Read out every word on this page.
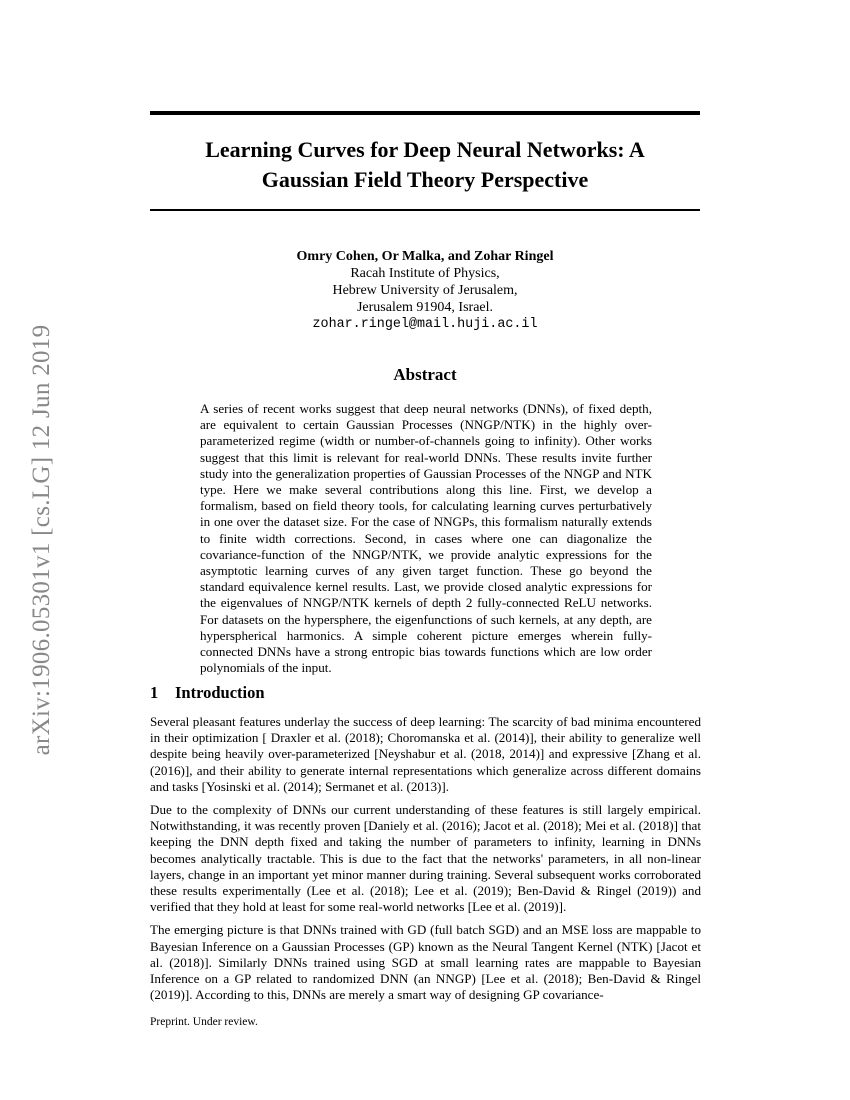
arXiv:1906.05301v1 [cs.LG] 12 Jun 2019
Learning Curves for Deep Neural Networks: A
Gaussian Field Theory Perspective
Omry Cohen, Or Malka, and Zohar Ringel
Racah Institute of Physics,
Hebrew University of Jerusalem,
Jerusalem 91904, Israel.
zohar.ringel@mail.huji.ac.il
Abstract

A series of recent works suggest that deep neural networks (DNNs), of fixed depth, are equivalent to certain Gaussian Processes (NNGP/NTK) in the highly over-parameterized regime (width or number-of-channels going to infinity). Other works suggest that this limit is relevant for real-world DNNs. These results invite further study into the generalization properties of Gaussian Processes of the NNGP and NTK type. Here we make several contributions along this line. First, we develop a formalism, based on field theory tools, for calculating learning curves perturbatively in one over the dataset size. For the case of NNGPs, this formalism naturally extends to finite width corrections. Second, in cases where one can diagonalize the covariance-function of the NNGP/NTK, we provide analytic expressions for the asymptotic learning curves of any given target function. These go beyond the standard equivalence kernel results. Last, we provide closed analytic expressions for the eigenvalues of NNGP/NTK kernels of depth 2 fully-connected ReLU networks. For datasets on the hypersphere, the eigenfunctions of such kernels, at any depth, are hyperspherical harmonics. A simple coherent picture emerges wherein fully-connected DNNs have a strong entropic bias towards functions which are low order polynomials of the input.

1 Introduction

Several pleasant features underlay the success of deep learning: The scarcity of bad minima encountered in their optimization [ Draxler et al. (2018); Choromanska et al. (2014)], their ability to generalize well despite being heavily over-parameterized [Neyshabur et al. (2018, 2014)] and expressive [Zhang et al. (2016)], and their ability to generate internal representations which generalize across different domains and tasks [Yosinski et al. (2014); Sermanet et al. (2013)].

Due to the complexity of DNNs our current understanding of these features is still largely empirical. Notwithstanding, it was recently proven [Daniely et al. (2016); Jacot et al. (2018); Mei et al. (2018)] that keeping the DNN depth fixed and taking the number of parameters to infinity, learning in DNNs becomes analytically tractable. This is due to the fact that the networks' parameters, in all non-linear layers, change in an important yet minor manner during training. Several subsequent works corroborated these results experimentally (Lee et al. (2018); Lee et al. (2019); Ben-David & Ringel (2019)) and verified that they hold at least for some real-world networks [Lee et al. (2019)].

The emerging picture is that DNNs trained with GD (full batch SGD) and an MSE loss are mappable to Bayesian Inference on a Gaussian Processes (GP) known as the Neural Tangent Kernel (NTK) [Jacot et al. (2018)]. Similarly DNNs trained using SGD at small learning rates are mappable to Bayesian Inference on a GP related to randomized DNN (an NNGP) [Lee et al. (2018); Ben-David & Ringel (2019)]. According to this, DNNs are merely a smart way of designing GP covariance-

Preprint. Under review.
